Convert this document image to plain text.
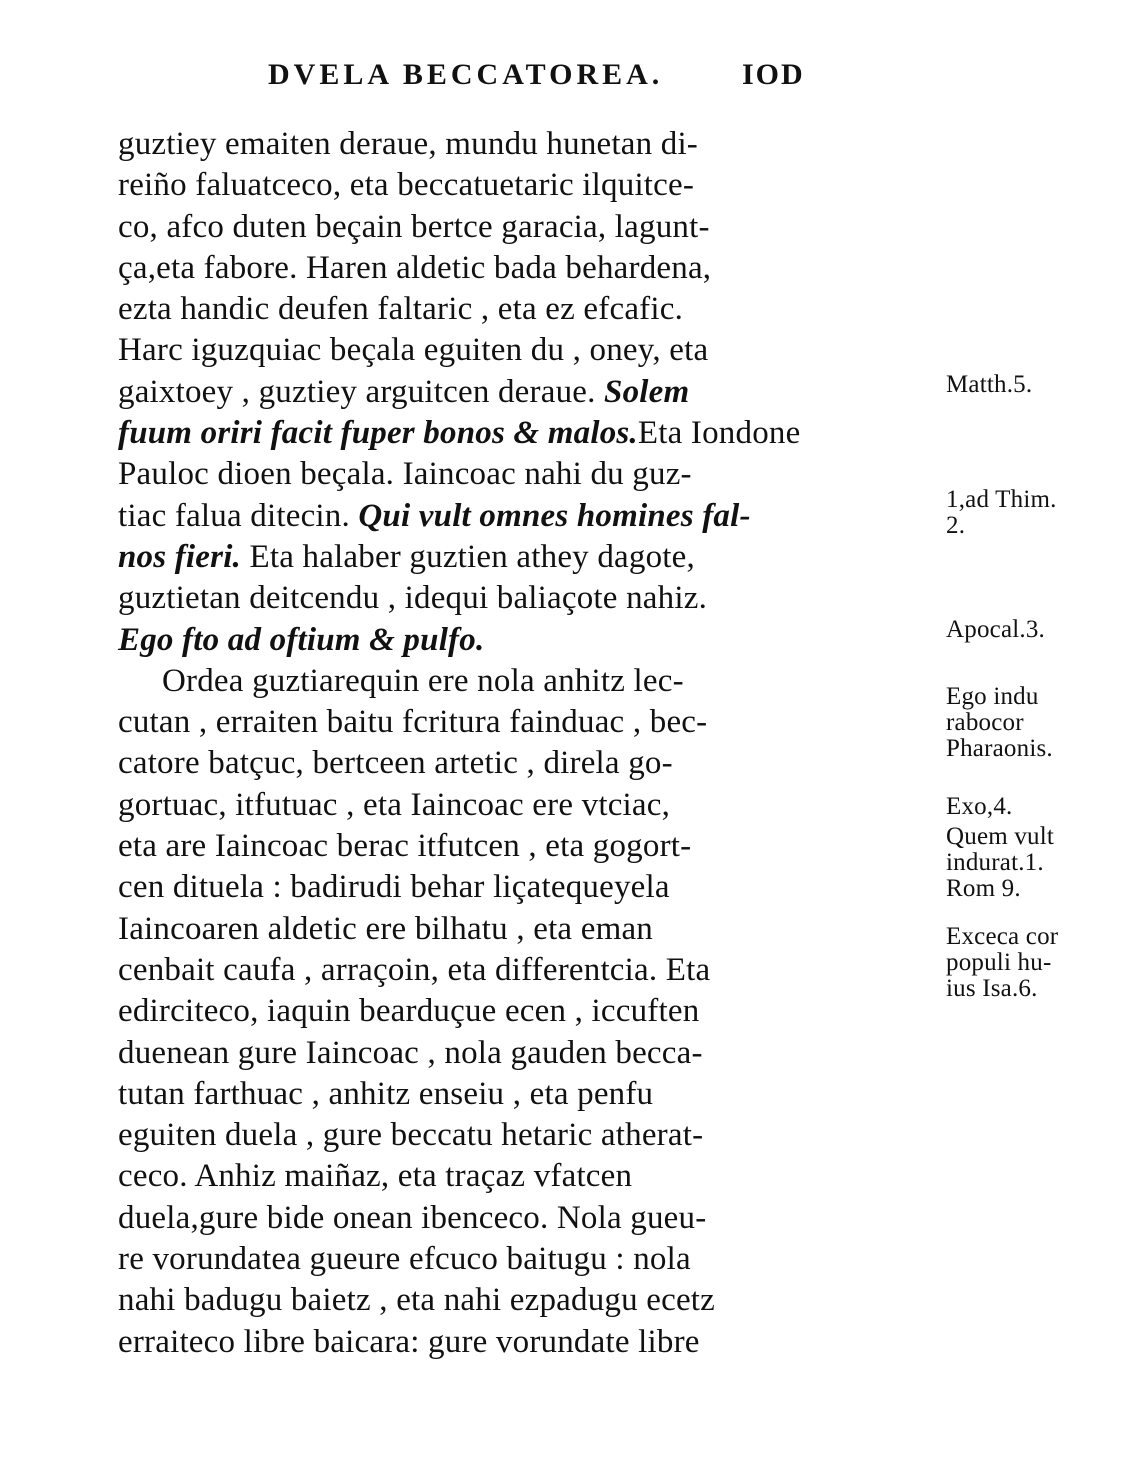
DVELA BECCATOREA.	IOD
guztiey emaiten deraue, mundu hunetan di-
reiño faluatceco, eta beccatuetaric ilquitce-
co, afco duten beçain bertce garacia, lagunt-
ça,eta fabore. Haren aldetic bada behardena,
ezta handic deufen faltaric , eta ez efcafic.
Harc iguzquiac beçala eguiten du , oney, eta
gaixtoey , guztiey arguitcen deraue. Solem
fuum oriri facit fuper bonos & malos.Eta Iondone
Pauloc dioen beçala. Iaincoac nahi du guz-
tiac falua ditecin. Qui vult omnes homines fal-
nos fieri. Eta halaber guztien athey dagote,
guztietan deitcendu , idequi baliaçote nahiz.
Ego fto ad oftium & pulfo.
Ordea guztiarequin ere nola anhitz lec-
cutan , erraiten baitu fcritura fainduac , bec-
catore batçuc, bertceen artetic , direla go-
gortuac, itfutuac , eta Iaincoac ere vtciac,
eta are Iaincoac berac itfutcen , eta gogort-
cen dituela : badirudi behar liçatequeyela
Iaincoaren aldetic ere bilhatu , eta eman
cenbait caufa , arraçoin, eta differentcia. Eta
edirciteco, iaquin bearduçue ecen , iccuften
duenean gure Iaincoac , nola gauden becca-
tutan farthuac , anhitz enseiu , eta penfu
eguiten duela , gure beccatu hetaric atherat-
ceco. Anhiz maiñaz, eta traçaz vfatcen
duela,gure bide onean ibenceco. Nola gueu-
re vorundatea gueure efcuco baitugu : nola
nahi badugu baietz , eta nahi ezpadugu ecetz
erraiteco libre baicara: gure vorundate libre
Matth.5.
1,ad Thim.
2.
Apocal.3.
Ego indu
rabocor
Pharaonis.
Exo,4.
Quem vult
indurat.1.
Rom 9.
Exceca cor
populi hu-
ius Isa.6.
